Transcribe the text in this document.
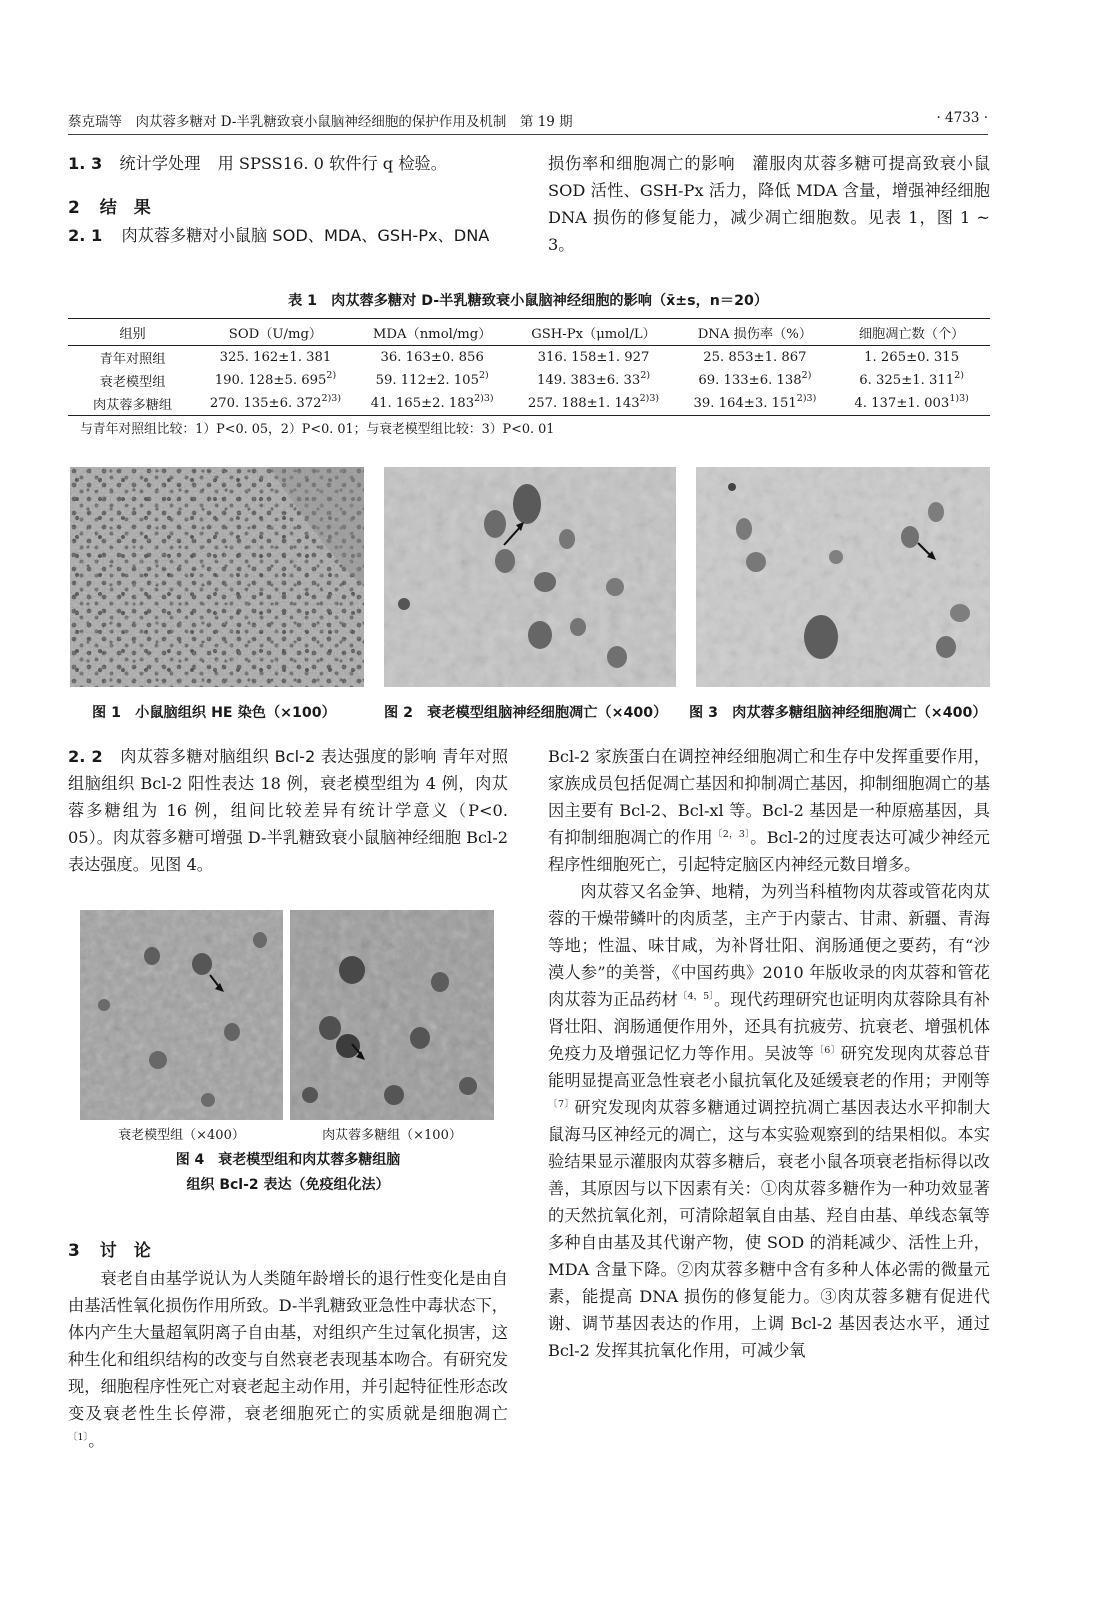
蔡克瑞等　肉苁蓉多糖对 D-半乳糖致衰小鼠脑神经细胞的保护作用及机制　第 19 期	· 4733 ·

1. 3 统计学处理 用 SPSS16. 0 软件行 q 检验。

2 结　果

2. 1 肉苁蓉多糖对小鼠脑 SOD、MDA、GSH-Px、DNA

损伤率和细胞凋亡的影响 灌服肉苁蓉多糖可提高致衰小鼠 SOD 活性、GSH-Px 活力，降低 MDA 含量，增强神经细胞 DNA 损伤的修复能力，减少凋亡细胞数。见表 1，图 1 ~ 3。

表 1　肉苁蓉多糖对 D-半乳糖致衰小鼠脑神经细胞的影响（x̄±s，n＝20）
组别	SOD（U/mg）	MDA（nmol/mg）	GSH-Px（μmol/L）	DNA 损伤率（%）	细胞凋亡数（个）
青年对照组	325. 162±1. 381	36. 163±0. 856	316. 158±1. 927	25. 853±1. 867	1. 265±0. 315
衰老模型组	190. 128±5. 695$^{2)}$	59. 112±2. 105$^{2)}$	149. 383±6. 33$^{2)}$	69. 133±6. 138$^{2)}$	6. 325±1. 311$^{2)}$
肉苁蓉多糖组	270. 135±6. $372^{2)3)}$	41. 165±2. $183^{2)3)}$	257. 188±1. $143^{2)3)}$	39. 164±3. $151^{2)3)}$	4. 137±1. $003^{1)3)}$
与青年对照组比较：1）P<0. 05，2）P<0. 01；与衰老模型组比较：3）P<0. 01
图 1　小鼠脑组织 HE 染色（×100）	图 2　衰老模型组脑神经细胞凋亡（×400） 图 3　肉苁蓉多糖组脑神经细胞凋亡（×400）

2. 2 肉苁蓉多糖对脑组织 Bcl-2 表达强度的影响 青年对照组脑组织 Bcl-2 阳性表达 18 例，衰老模型组为 4 例，肉苁蓉多糖组为 16 例，组间比较差异有统计学意义（P<0. 05）。肉苁蓉多糖可增强 D-半乳糖致衰小鼠脑神经细胞 Bcl-2 表达强度。见图 4。

衰老模型组（×400）	肉苁蓉多糖组（×100）
图 4　衰老模型组和肉苁蓉多糖组脑
组织 Bcl-2 表达（免疫组化法）

3 讨　论

衰老自由基学说认为人类随年龄增长的退行性变化是由自由基活性氧化损伤作用所致。D-半乳糖致亚急性中毒状态下，体内产生大量超氧阴离子自由基，对组织产生过氧化损害，这种生化和组织结构的改变与自然衰老表现基本吻合。有研究发现，细胞程序性死亡对衰老起主动作用，并引起特征性形态改变及衰老性生长停滞，衰老细胞死亡的实质就是细胞凋亡$^{〔1〕}$。

Bcl-2 家族蛋白在调控神经细胞凋亡和生存中发挥重要作用，家族成员包括促凋亡基因和抑制凋亡基因，抑制细胞凋亡的基因主要有 Bcl-2、Bcl-xl 等。Bcl-2 基因是一种原癌基因，具有抑制细胞凋亡的作用$^{〔2,3〕}$。Bcl-2的过度表达可减少神经元程序性细胞死亡，引起特定脑区内神经元数目增多。

肉苁蓉又名金笋、地精，为列当科植物肉苁蓉或管花肉苁蓉的干燥带鳞叶的肉质茎，主产于内蒙古、甘肃、新疆、青海等地；性温、味甘咸，为补肾壮阳、润肠通便之要药，有“沙漠人参”的美誉，《中国药典》2010 年版收录的肉苁蓉和管花肉苁蓉为正品药材$^{〔4,5〕}$。现代药理研究也证明肉苁蓉除具有补肾壮阳、润肠通便作用外，还具有抗疲劳、抗衰老、增强机体免疫力及增强记忆力等作用。吴波等$^{〔6〕}$研究发现肉苁蓉总苷能明显提高亚急性衰老小鼠抗氧化及延缓衰老的作用；尹刚等$^{〔7〕}$研究发现肉苁蓉多糖通过调控抗凋亡基因表达水平抑制大鼠海马区神经元的凋亡，这与本实验观察到的结果相似。本实验结果显示灌服肉苁蓉多糖后，衰老小鼠各项衰老指标得以改善，其原因与以下因素有关：①肉苁蓉多糖作为一种功效显著的天然抗氧化剂，可清除超氧自由基、羟自由基、单线态氧等多种自由基及其代谢产物，使 SOD 的消耗减少、活性上升，MDA 含量下降。②肉苁蓉多糖中含有多种人体必需的微量元素，能提高 DNA 损伤的修复能力。③肉苁蓉多糖有促进代谢、调节基因表达的作用，上调 Bcl-2 基因表达水平，通过 Bcl-2 发挥其抗氧化作用，可减少氧
